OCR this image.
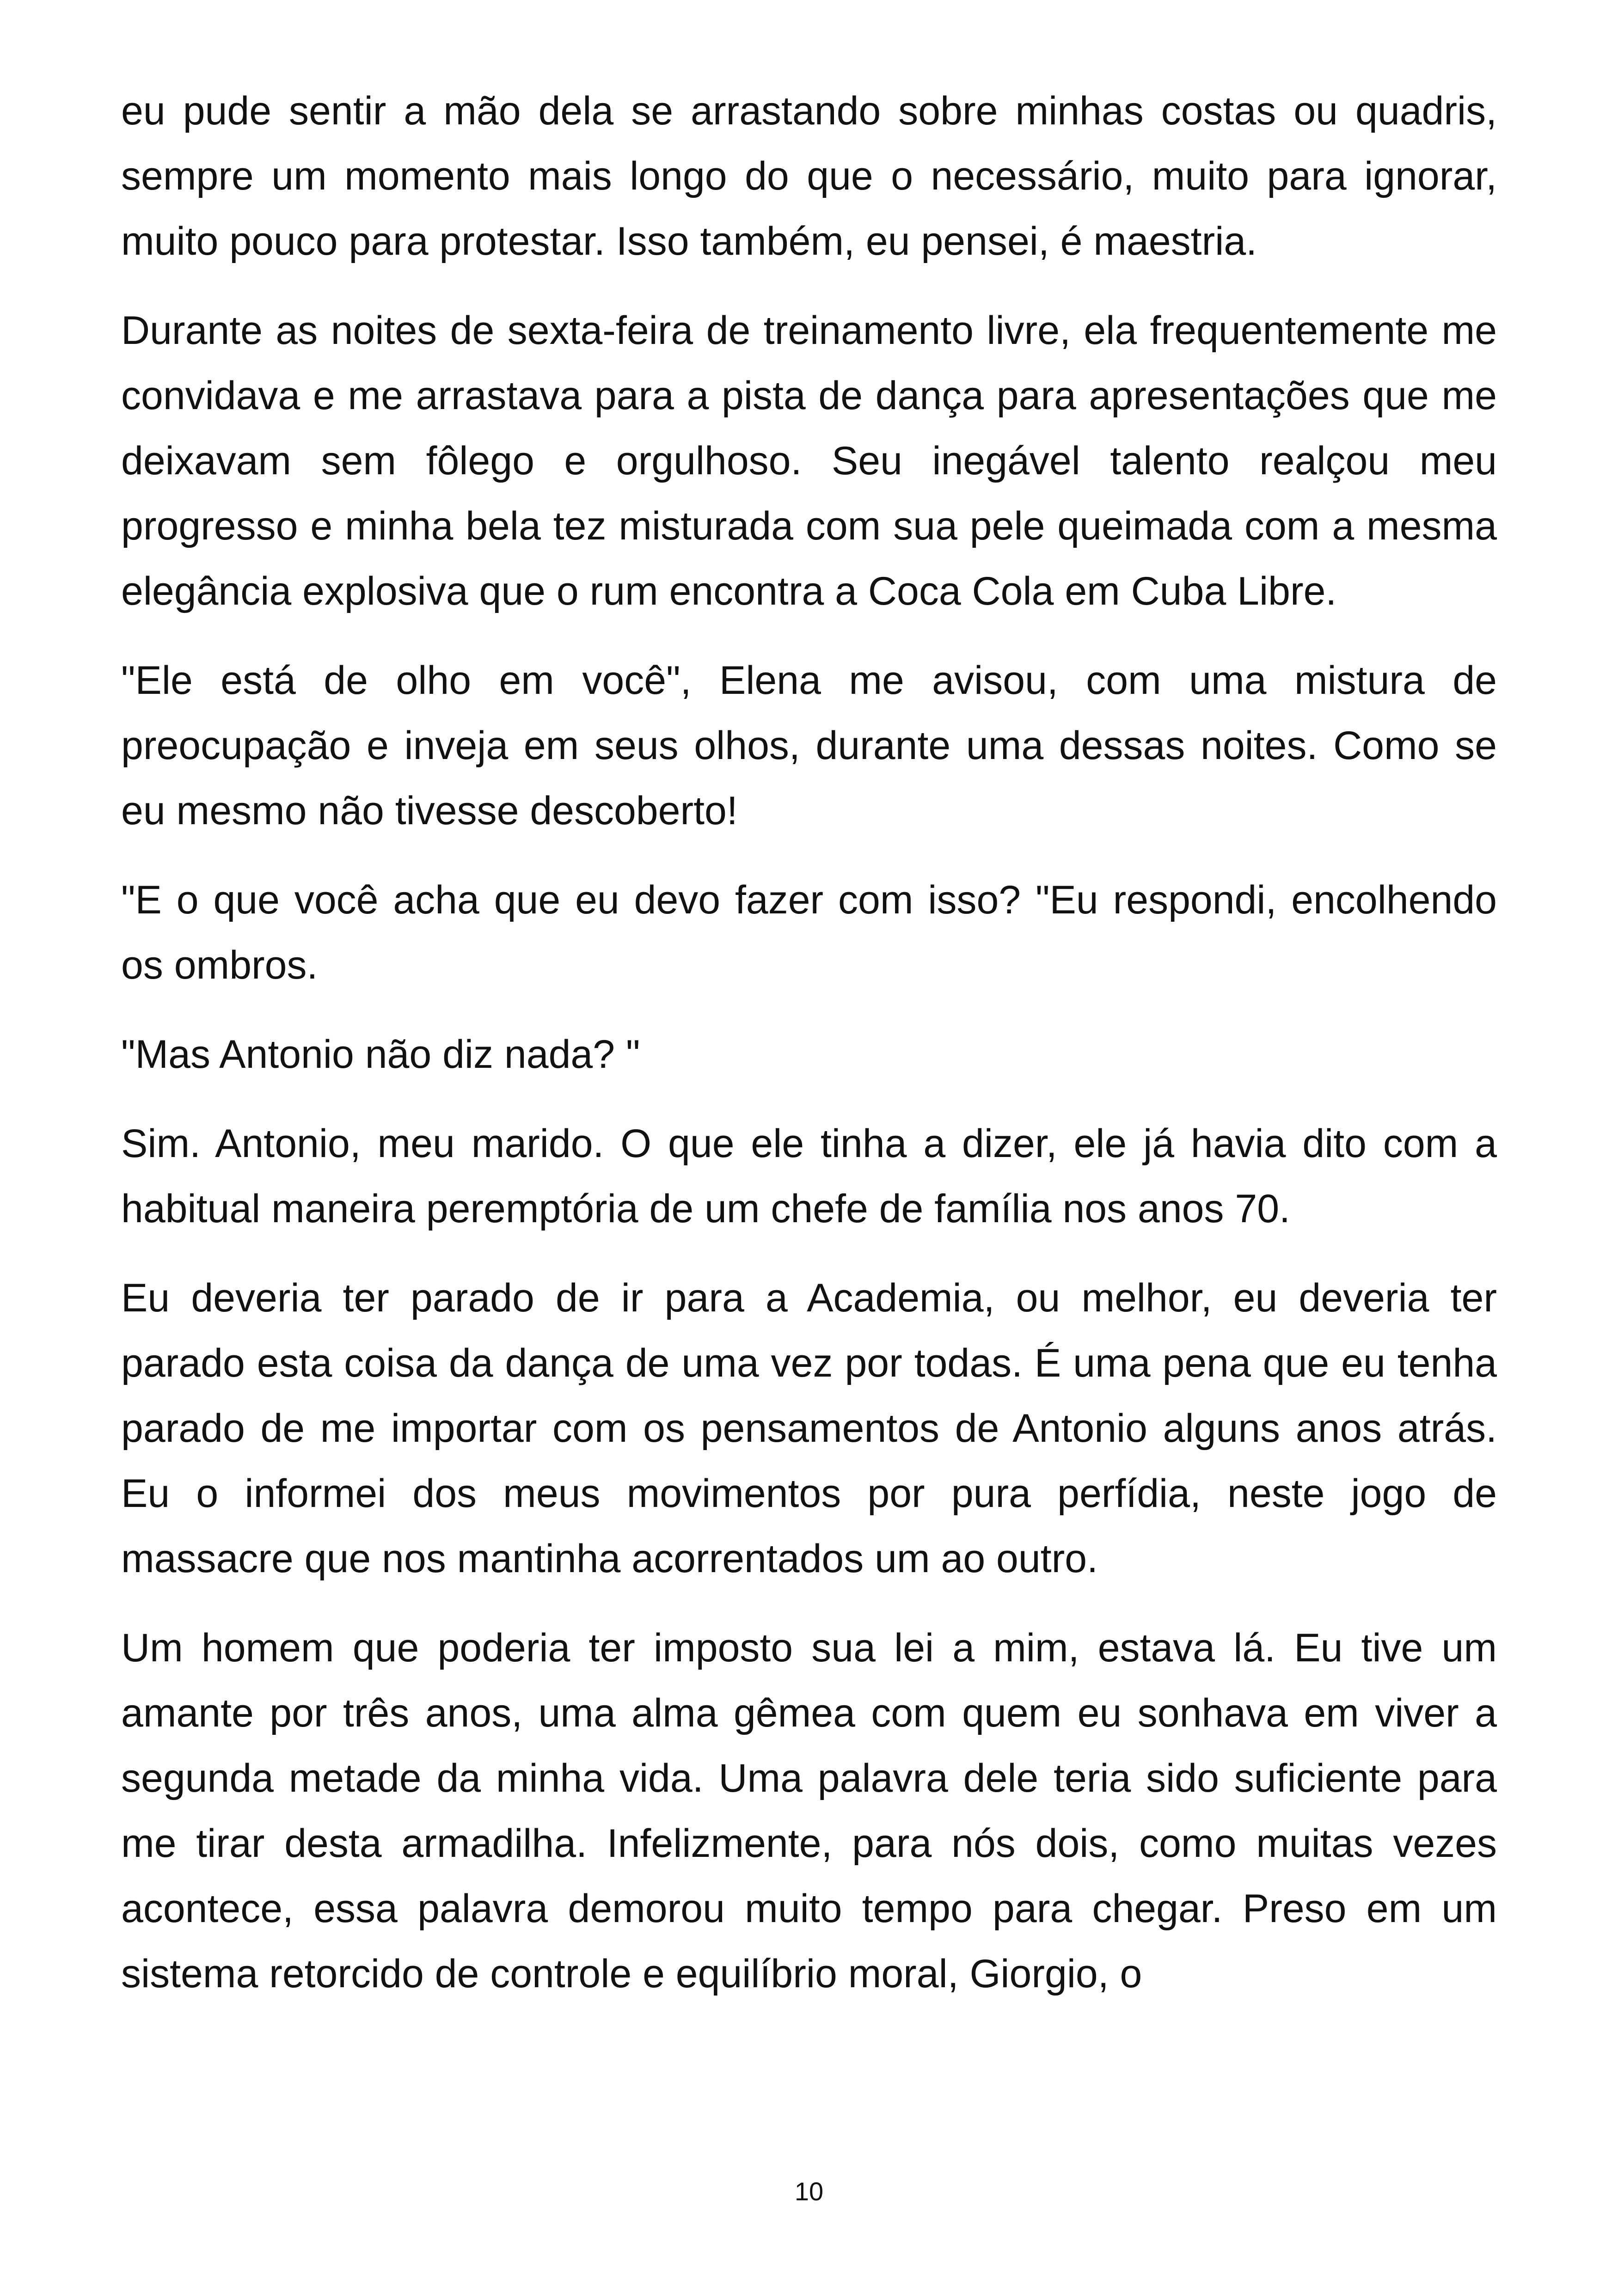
eu pude sentir a mão dela se arrastando sobre minhas costas ou quadris, sempre um momento mais longo do que o necessário, muito para ignorar, muito pouco para protestar. Isso também, eu pensei, é maestria.

Durante as noites de sexta-feira de treinamento livre, ela frequentemente me convidava e me arrastava para a pista de dança para apresentações que me deixavam sem fôlego e orgulhoso. Seu inegável talento realçou meu progresso e minha bela tez misturada com sua pele queimada com a mesma elegância explosiva que o rum encontra a Coca Cola em Cuba Libre.

"Ele está de olho em você", Elena me avisou, com uma mistura de preocupação e inveja em seus olhos, durante uma dessas noites. Como se eu mesmo não tivesse descoberto!

"E o que você acha que eu devo fazer com isso? "Eu respondi, encolhendo os ombros.

"Mas Antonio não diz nada? "

Sim. Antonio, meu marido. O que ele tinha a dizer, ele já havia dito com a habitual maneira peremptória de um chefe de família nos anos 70.

Eu deveria ter parado de ir para a Academia, ou melhor, eu deveria ter parado esta coisa da dança de uma vez por todas. É uma pena que eu tenha parado de me importar com os pensamentos de Antonio alguns anos atrás. Eu o informei dos meus movimentos por pura perfídia, neste jogo de massacre que nos mantinha acorrentados um ao outro.

Um homem que poderia ter imposto sua lei a mim, estava lá. Eu tive um amante por três anos, uma alma gêmea com quem eu sonhava em viver a segunda metade da minha vida. Uma palavra dele teria sido suficiente para me tirar desta armadilha. Infelizmente, para nós dois, como muitas vezes acontece, essa palavra demorou muito tempo para chegar. Preso em um sistema retorcido de controle e equilíbrio moral, Giorgio, o

10
